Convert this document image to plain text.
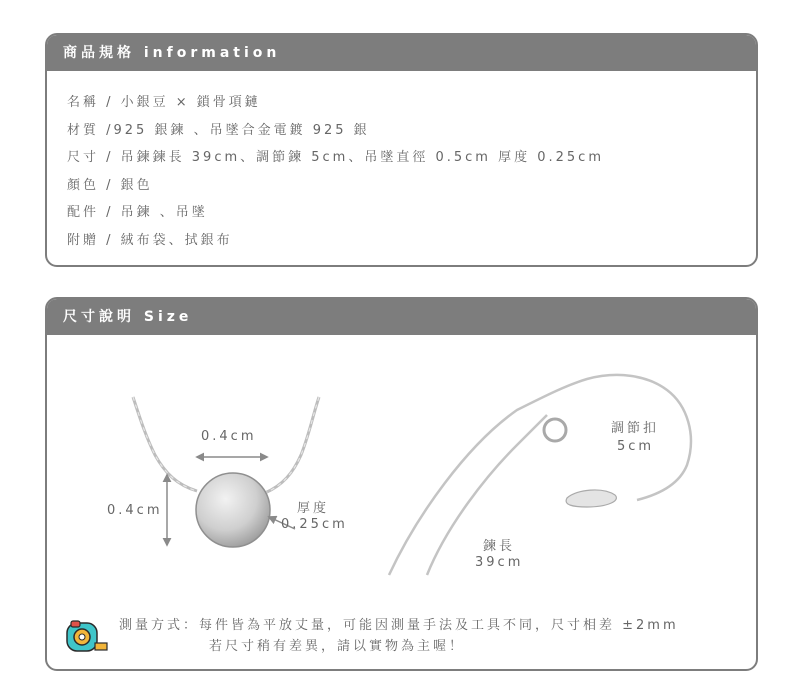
商品規格 information
名稱 / 小銀豆 × 鎖骨項鏈
材質 /925 銀鍊 、吊墜合金電鍍 925 銀
尺寸 / 吊鍊鍊長 39cm、調節鍊 5cm、吊墜直徑 0.5cm 厚度 0.25cm
顏色 / 銀色
配件 / 吊鍊 、吊墜
附贈 / 絨布袋、拭銀布
尺寸說明 Size
0.4cm
0.4cm	厚度
0.25cm
調節扣
5cm
鍊長
39cm
測量方式：每件皆為平放丈量，可能因測量手法及工具不同，尺寸相差 ±2mm
若尺寸稍有差異，請以實物為主喔！
